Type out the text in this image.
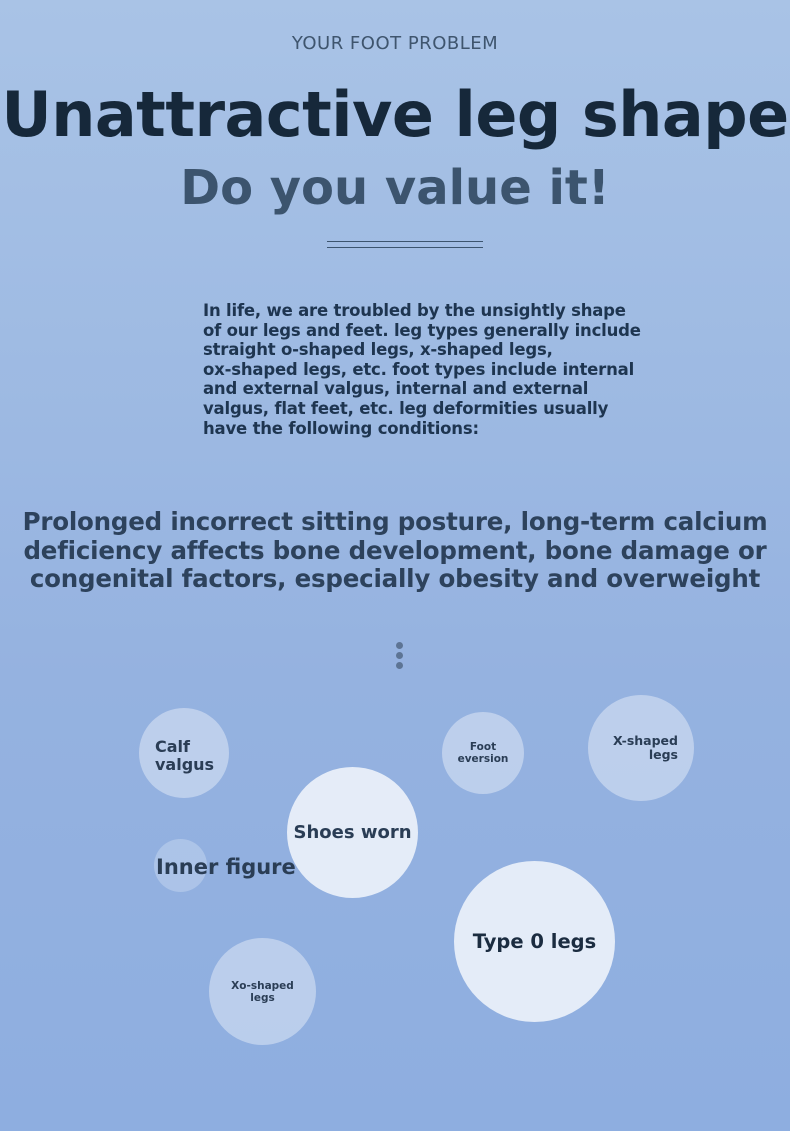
YOUR FOOT PROBLEM
Unattractive leg shape
Do you value it!
In life, we are troubled by the unsightly shape
of our legs and feet. leg types generally include
straight o-shaped legs, x-shaped legs,
ox-shaped legs, etc. foot types include internal
and external valgus, internal and external
valgus, flat feet, etc. leg deformities usually
have the following conditions:
Prolonged incorrect sitting posture, long-term calcium
deficiency affects bone development, bone damage or
congenital factors, especially obesity and overweight
Calf
valgus
Foot
eversion
X-shaped
legs
Shoes worn
Inner figure
Type 0 legs
Xo-shaped
legs
